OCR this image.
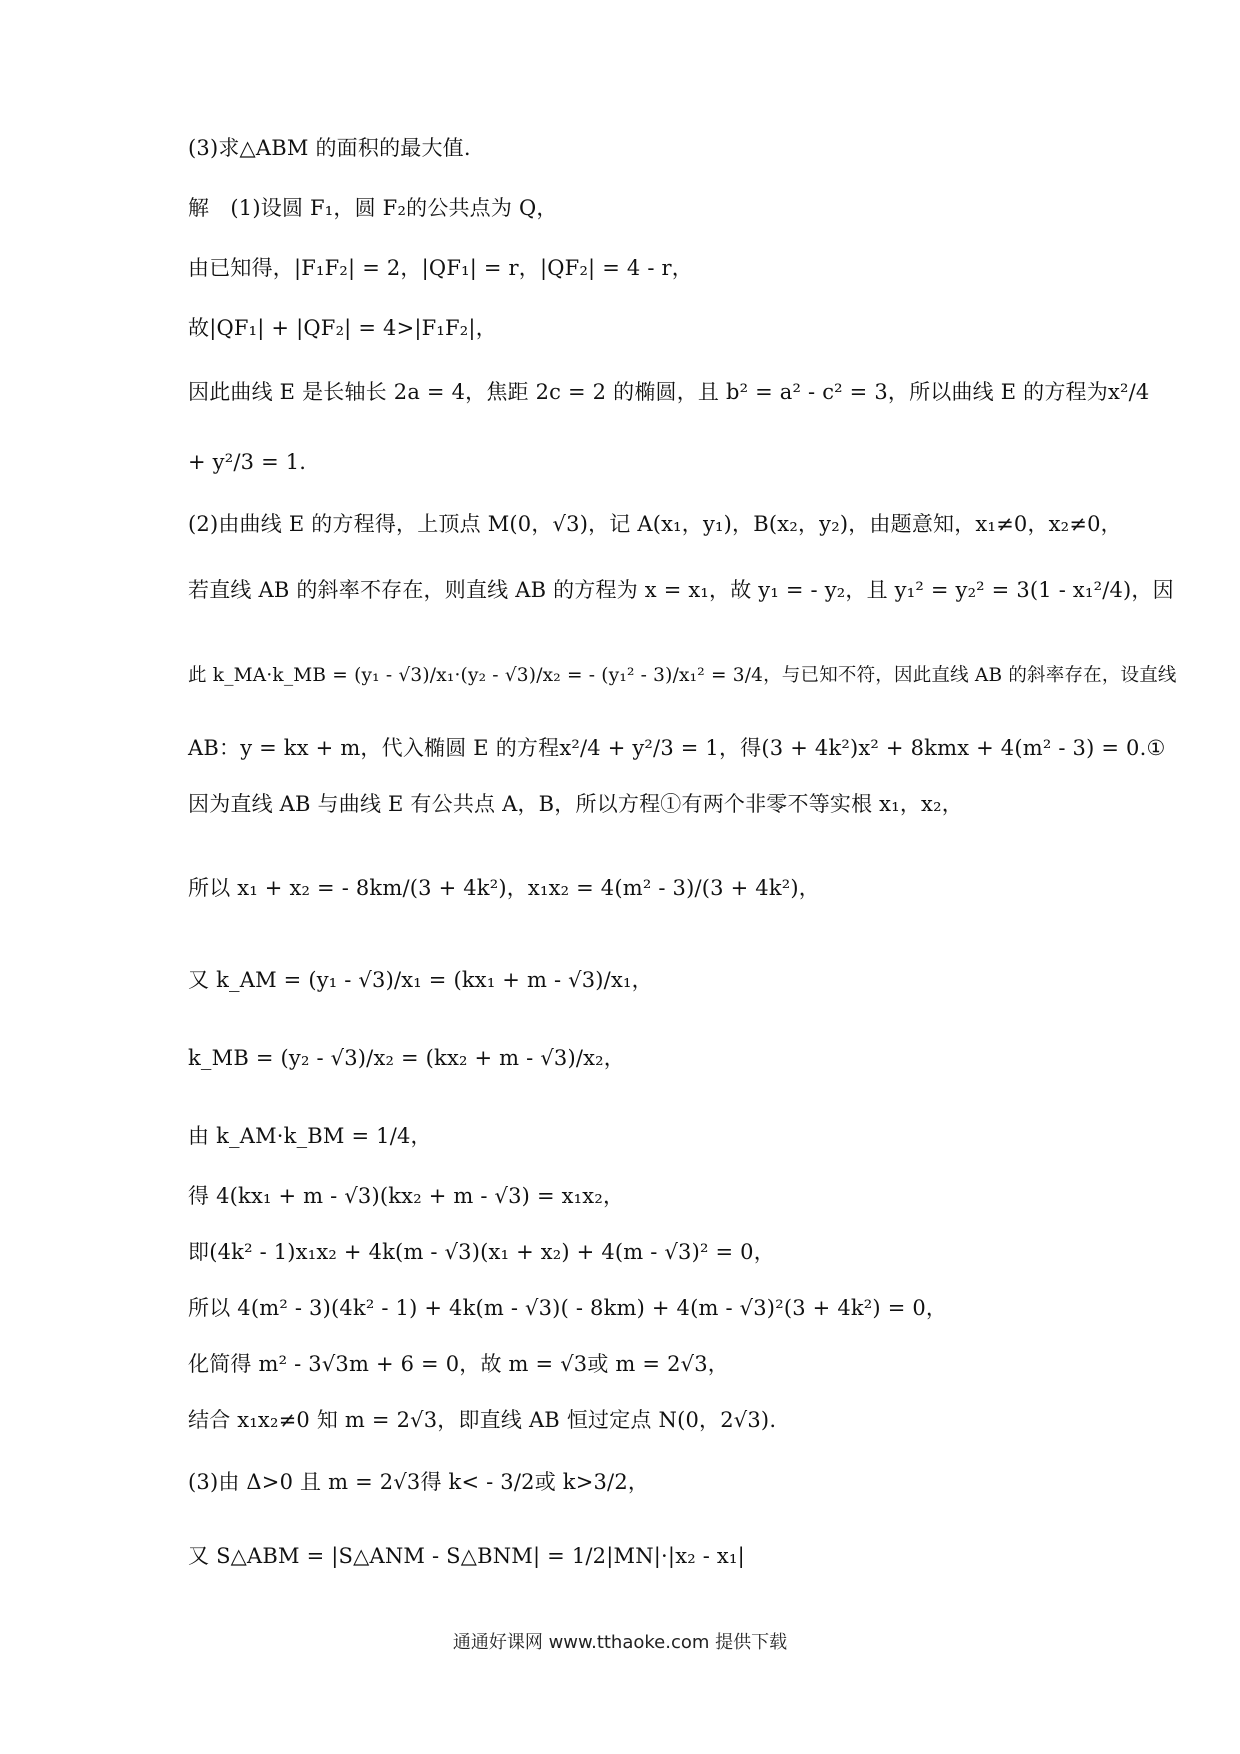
(3)求△ABM 的面积的最大值.
解　(1)设圆 F₁，圆 F₂的公共点为 Q，
由已知得，|F₁F₂| = 2，|QF₁| = r，|QF₂| = 4 - r，
故|QF₁| + |QF₂| = 4>|F₁F₂|，
因此曲线 E 是长轴长 2a = 4，焦距 2c = 2 的椭圆，且 b² = a² - c² = 3，所以曲线 E 的方程为x²/4
+ y²/3 = 1.
(2)由曲线 E 的方程得，上顶点 M(0，√3)，记 A(x₁，y₁)，B(x₂，y₂)，由题意知，x₁≠0，x₂≠0，
若直线 AB 的斜率不存在，则直线 AB 的方程为 x = x₁，故 y₁ = - y₂，且 y₁² = y₂² = 3(1 - x₁²/4)，因
此 k_MA·k_MB = (y₁ - √3)/x₁·(y₂ - √3)/x₂ = - (y₁² - 3)/x₁² = 3/4，与已知不符，因此直线 AB 的斜率存在，设直线
AB：y = kx + m，代入椭圆 E 的方程x²/4 + y²/3 = 1，得(3 + 4k²)x² + 8kmx + 4(m² - 3) = 0.①
因为直线 AB 与曲线 E 有公共点 A，B，所以方程①有两个非零不等实根 x₁，x₂，
所以 x₁ + x₂ = - 8km/(3 + 4k²)，x₁x₂ = 4(m² - 3)/(3 + 4k²)，
又 k_AM = (y₁ - √3)/x₁ = (kx₁ + m - √3)/x₁，
k_MB = (y₂ - √3)/x₂ = (kx₂ + m - √3)/x₂，
由 k_AM·k_BM = 1/4，
得 4(kx₁ + m - √3)(kx₂ + m - √3) = x₁x₂，
即(4k² - 1)x₁x₂ + 4k(m - √3)(x₁ + x₂) + 4(m - √3)² = 0，
所以 4(m² - 3)(4k² - 1) + 4k(m - √3)( - 8km) + 4(m - √3)²(3 + 4k²) = 0，
化简得 m² - 3√3m + 6 = 0，故 m = √3或 m = 2√3，
结合 x₁x₂≠0 知 m = 2√3，即直线 AB 恒过定点 N(0，2√3).
(3)由 Δ>0 且 m = 2√3得 k< - 3/2或 k>3/2，
又 S△ABM = |S△ANM - S△BNM| = 1/2|MN|·|x₂ - x₁|
通通好课网 www.tthaoke.com 提供下载
